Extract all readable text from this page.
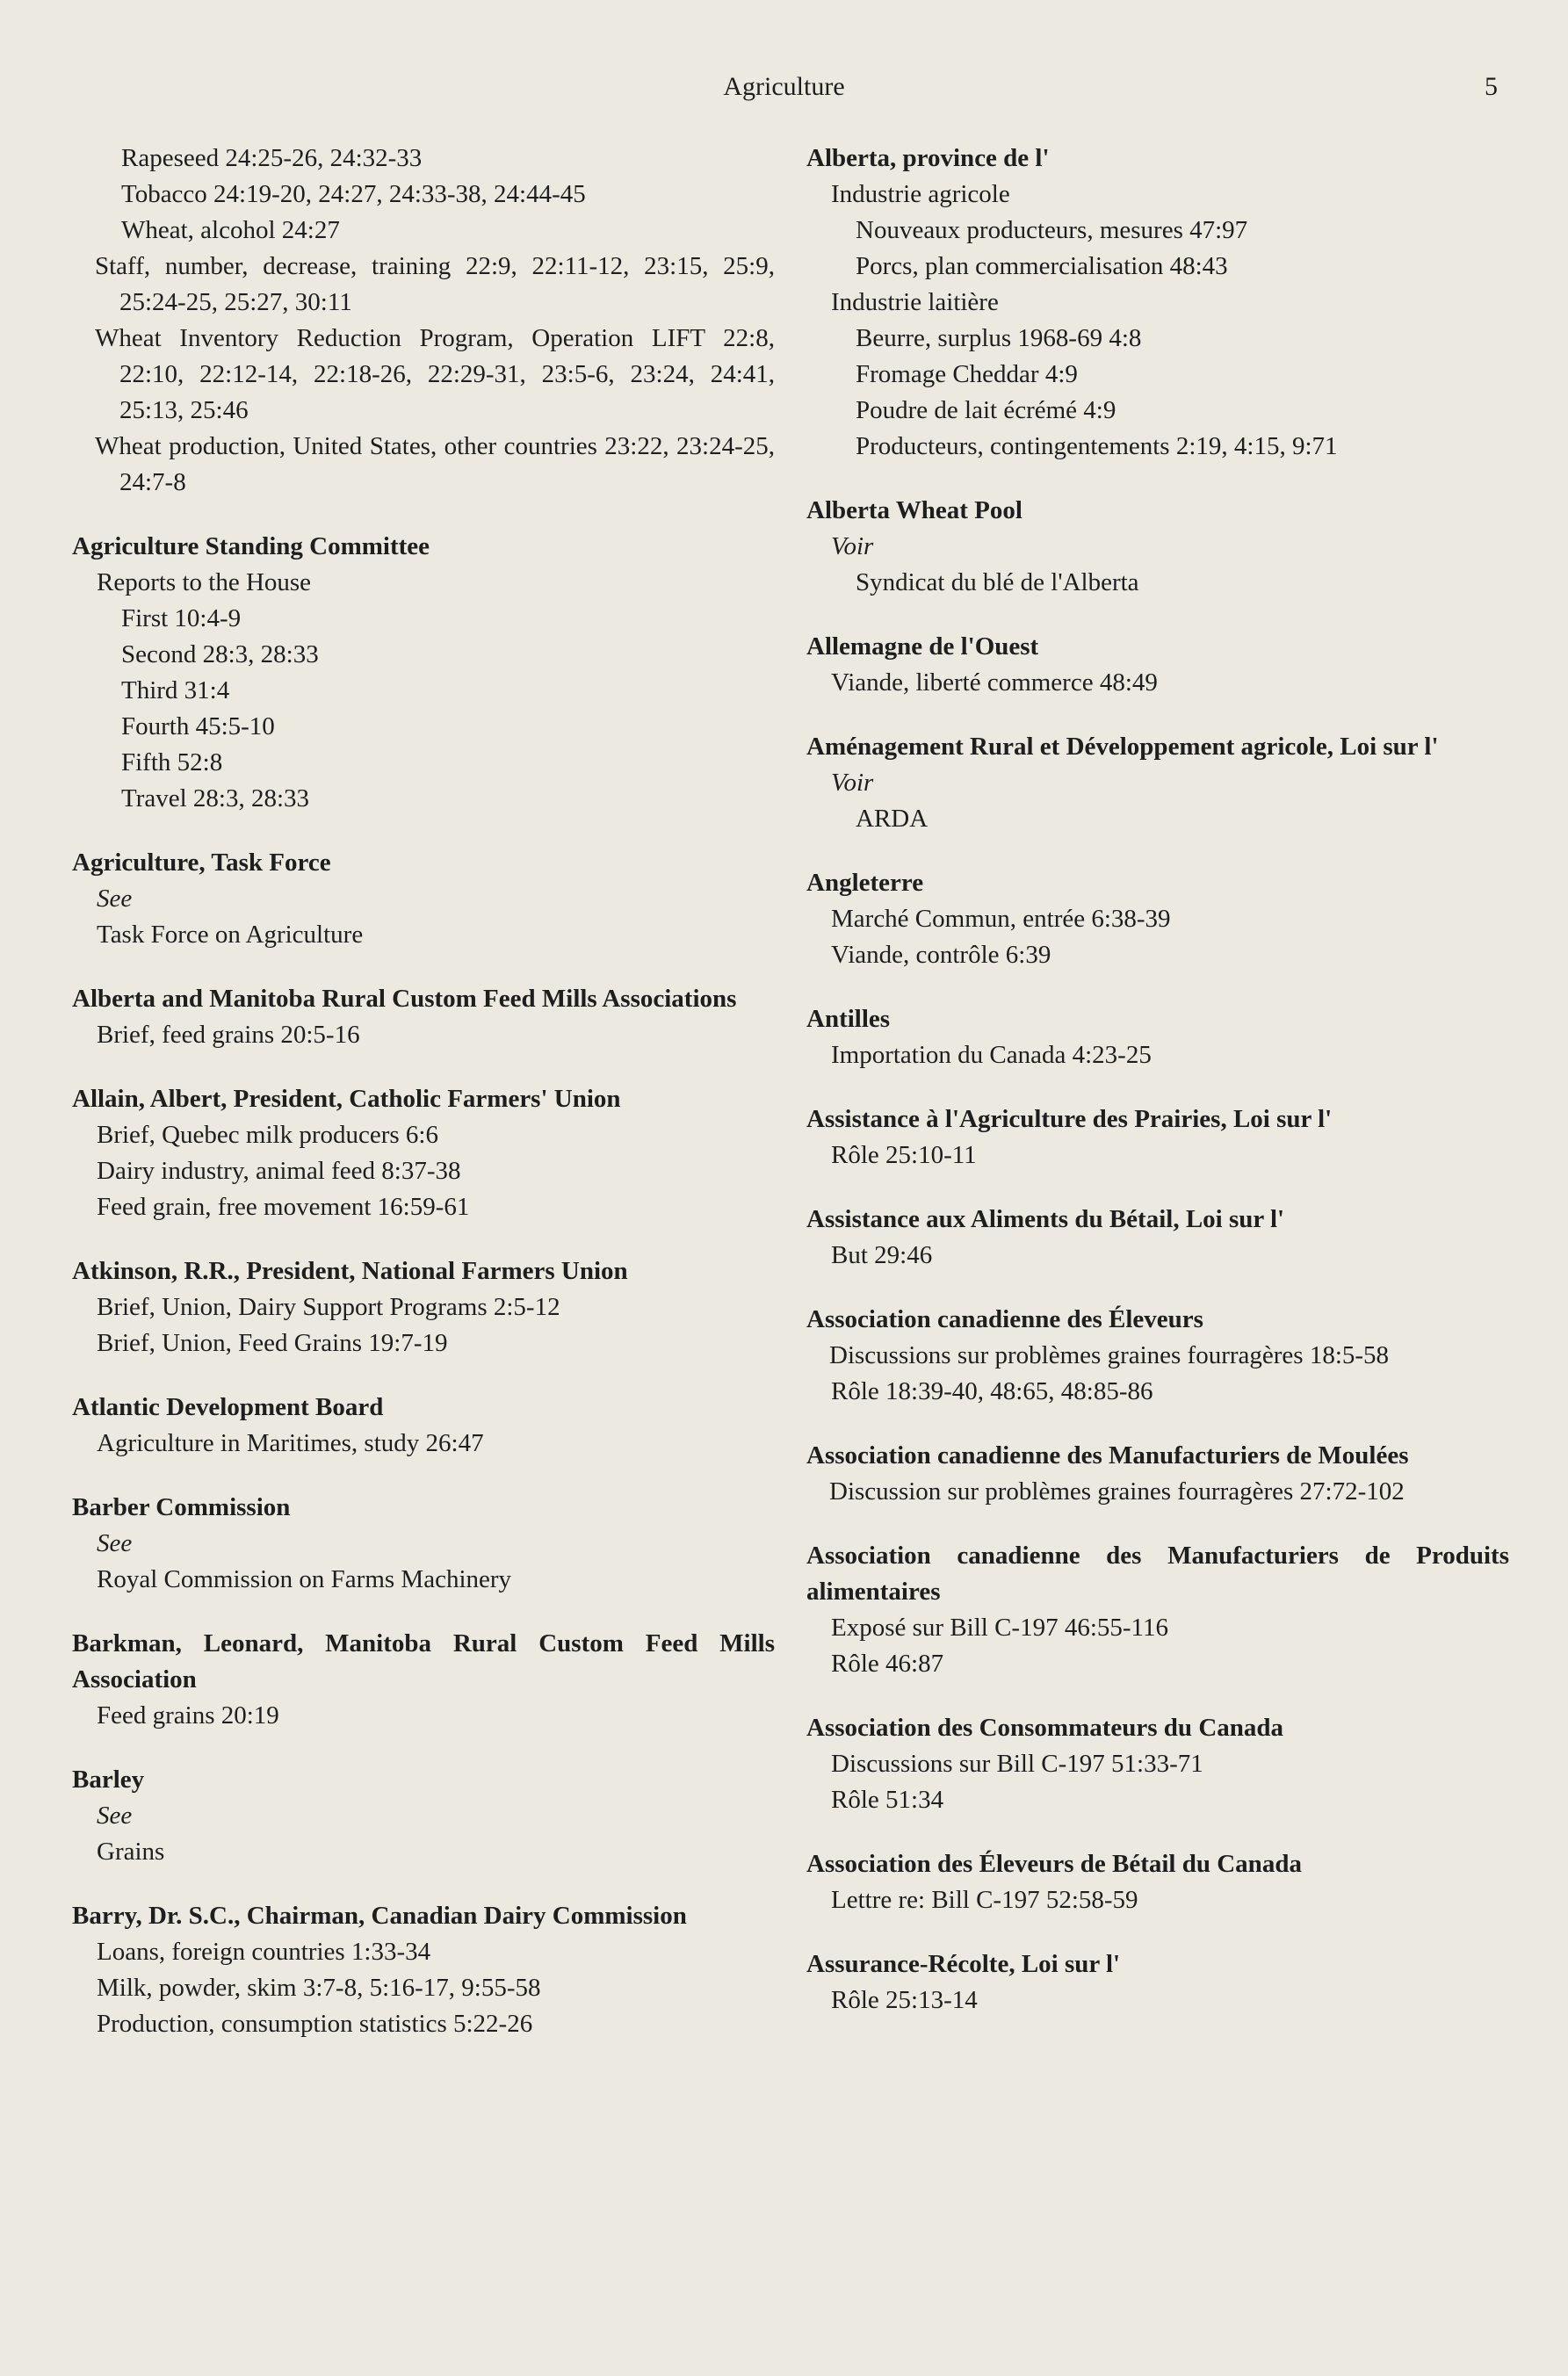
Agriculture	5
Rapeseed 24:25-26, 24:32-33
Tobacco 24:19-20, 24:27, 24:33-38, 24:44-45
Wheat, alcohol 24:27
Staff, number, decrease, training 22:9, 22:11-12, 23:15, 25:9, 25:24-25, 25:27, 30:11
Wheat Inventory Reduction Program, Operation LIFT 22:8, 22:10, 22:12-14, 22:18-26, 22:29-31, 23:5-6, 23:24, 24:41, 25:13, 25:46
Wheat production, United States, other countries 23:22, 23:24-25, 24:7-8
Agriculture Standing Committee
Reports to the House
First 10:4-9
Second 28:3, 28:33
Third 31:4
Fourth 45:5-10
Fifth 52:8
Travel 28:3, 28:33
Agriculture, Task Force
See
Task Force on Agriculture
Alberta and Manitoba Rural Custom Feed Mills Associations
Brief, feed grains 20:5-16
Allain, Albert, President, Catholic Farmers' Union
Brief, Quebec milk producers 6:6
Dairy industry, animal feed 8:37-38
Feed grain, free movement 16:59-61
Atkinson, R.R., President, National Farmers Union
Brief, Union, Dairy Support Programs 2:5-12
Brief, Union, Feed Grains 19:7-19
Atlantic Development Board
Agriculture in Maritimes, study 26:47
Barber Commission
See
Royal Commission on Farms Machinery
Barkman, Leonard, Manitoba Rural Custom Feed Mills Association
Feed grains 20:19
Barley
See
Grains
Barry, Dr. S.C., Chairman, Canadian Dairy Commission
Loans, foreign countries 1:33-34
Milk, powder, skim 3:7-8, 5:16-17, 9:55-58
Production, consumption statistics 5:22-26
Alberta, province de l'
Industrie agricole
Nouveaux producteurs, mesures 47:97
Porcs, plan commercialisation 48:43
Industrie laitière
Beurre, surplus 1968-69 4:8
Fromage Cheddar 4:9
Poudre de lait écrémé 4:9
Producteurs, contingentements 2:19, 4:15, 9:71
Alberta Wheat Pool
Voir
Syndicat du blé de l'Alberta
Allemagne de l'Ouest
Viande, liberté commerce 48:49
Aménagement Rural et Développement agricole, Loi sur l'
Voir
ARDA
Angleterre
Marché Commun, entrée 6:38-39
Viande, contrôle 6:39
Antilles
Importation du Canada 4:23-25
Assistance à l'Agriculture des Prairies, Loi sur l'
Rôle 25:10-11
Assistance aux Aliments du Bétail, Loi sur l'
But 29:46
Association canadienne des Éleveurs
Discussions sur problèmes graines fourragères 18:5-58
Rôle 18:39-40, 48:65, 48:85-86
Association canadienne des Manufacturiers de Moulées
Discussion sur problèmes graines fourragères 27:72-102
Association canadienne des Manufacturiers de Produits alimentaires
Exposé sur Bill C-197 46:55-116
Rôle 46:87
Association des Consommateurs du Canada
Discussions sur Bill C-197 51:33-71
Rôle 51:34
Association des Éleveurs de Bétail du Canada
Lettre re: Bill C-197 52:58-59
Assurance-Récolte, Loi sur l'
Rôle 25:13-14
